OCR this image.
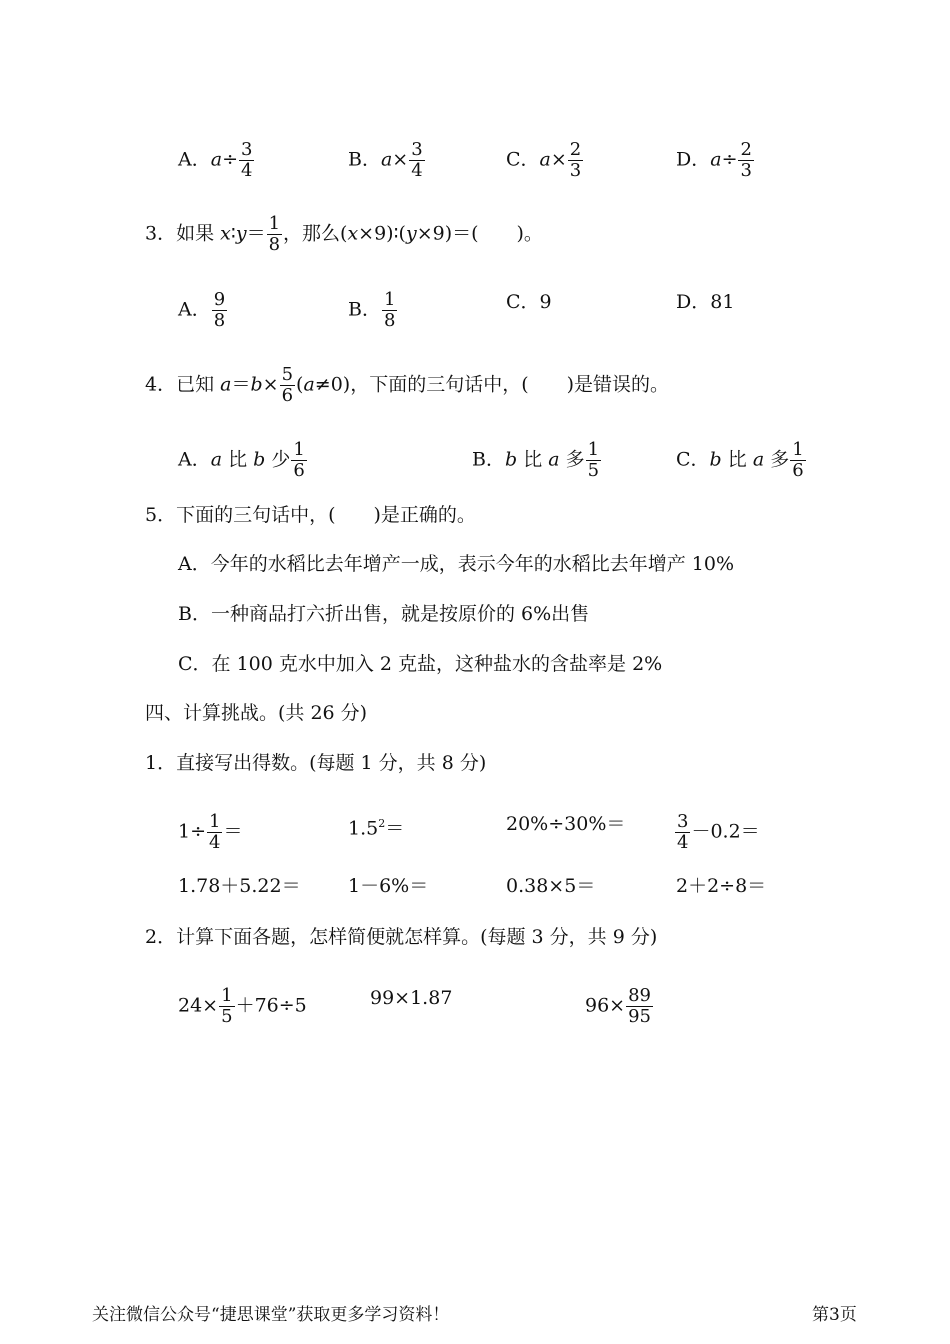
A．$a\div \frac{3}{4}$	B．$a\times \frac{3}{4}$	C．$a\times \frac{2}{3}$	D．$a\div \frac{2}{3}$
3．如果 x∶y＝ $\frac{1}{8}$ ，那么(x×9)∶(y×9)＝(　　)。
A． $\frac{9}{8}$	B． $\frac{1}{8}$	C．9	D．81
4．已知 $a=b\times \frac{5}{6} (a\ne 0)$，下面的三句话中，(　　)是错误的。
A．a 比 b 少 $\frac{1}{6}$	B．b 比 a 多 $\frac{1}{5}$	C．b 比 a 多 $\frac{1}{6}$
5．下面的三句话中，(　　)是正确的。
A．今年的水稻比去年增产一成，表示今年的水稻比去年增产 10%
B．一种商品打六折出售，就是按原价的 6%出售
C．在 100 克水中加入 2 克盐，这种盐水的含盐率是 2%
四、计算挑战。(共 26 分)
1．直接写出得数。(每题 1 分，共 8 分)
$1\div \frac{1}{4}$ ＝	$1.5^2=$	20%÷30%＝	$\frac{3}{4} -0.2=$
1.78＋5.22＝ 1－6%＝	0.38×5＝	2＋2÷8＝
2．计算下面各题，怎样简便就怎样算。(每题 3 分，共 9 分)
$24\times \frac{1}{5} +76\div 5$	99×1.87	$96\times \frac{89}{95}$
关注微信公众号“捷思课堂”获取更多学习资料！	第3页
